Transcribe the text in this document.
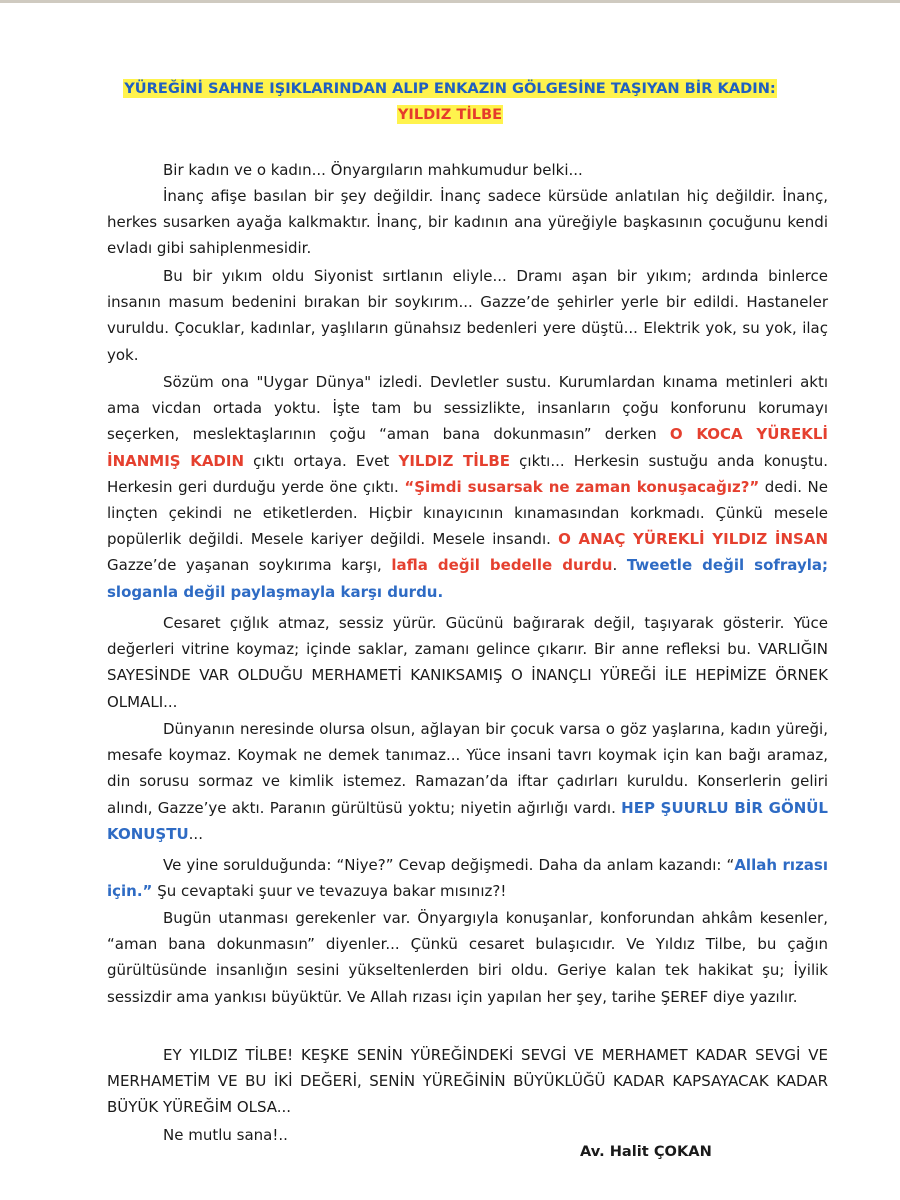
YÜREĞİNİ SAHNE IŞIKLARINDAN ALIP ENKAZIN GÖLGESİNE TAŞIYAN BİR KADIN:
YILDIZ TİLBE

Bir kadın ve o kadın... Önyargıların mahkumudur belki...

İnanç afişe basılan bir şey değildir. İnanç sadece kürsüde anlatılan hiç değildir. İnanç, herkes susarken ayağa kalkmaktır. İnanç, bir kadının ana yüreğiyle başkasının çocuğunu kendi evladı gibi sahiplenmesidir.

Bu bir yıkım oldu Siyonist sırtlanın eliyle... Dramı aşan bir yıkım; ardında binlerce insanın masum bedenini bırakan bir soykırım... Gazze’de şehirler yerle bir edildi. Hastaneler vuruldu. Çocuklar, kadınlar, yaşlıların günahsız bedenleri yere düştü... Elektrik yok, su yok, ilaç yok.

Sözüm ona "Uygar Dünya" izledi. Devletler sustu. Kurumlardan kınama metinleri aktı ama vicdan ortada yoktu. İşte tam bu sessizlikte, insanların çoğu konforunu korumayı seçerken, meslektaşlarının çoğu “aman bana dokunmasın” derken O KOCA YÜREKLİ İNANMIŞ KADIN çıktı ortaya. Evet YILDIZ TİLBE çıktı... Herkesin sustuğu anda konuştu. Herkesin geri durduğu yerde öne çıktı. “Şimdi susarsak ne zaman konuşacağız?” dedi. Ne linçten çekindi ne etiketlerden. Hiçbir kınayıcının kınamasından korkmadı. Çünkü mesele popülerlik değildi. Mesele kariyer değildi. Mesele insandı. O ANAÇ YÜREKLİ YILDIZ İNSAN Gazze’de yaşanan soykırıma karşı, lafla değil bedelle durdu. Tweetle değil sofrayla; sloganla değil paylaşmayla karşı durdu.

Cesaret çığlık atmaz, sessiz yürür. Gücünü bağırarak değil, taşıyarak gösterir. Yüce değerleri vitrine koymaz; içinde saklar, zamanı gelince çıkarır. Bir anne refleksi bu. VARLIĞIN SAYESİNDE VAR OLDUĞU MERHAMETİ KANIKSAMIŞ O İNANÇLI YÜREĞİ İLE HEPİMİZE ÖRNEK OLMALI...

Dünyanın neresinde olursa olsun, ağlayan bir çocuk varsa o göz yaşlarına, kadın yüreği, mesafe koymaz. Koymak ne demek tanımaz... Yüce insani tavrı koymak için kan bağı aramaz, din sorusu sormaz ve kimlik istemez. Ramazan’da iftar çadırları kuruldu. Konserlerin geliri alındı, Gazze’ye aktı. Paranın gürültüsü yoktu; niyetin ağırlığı vardı. HEP ŞUURLU BİR GÖNÜL KONUŞTU...

Ve yine sorulduğunda: “Niye?” Cevap değişmedi. Daha da anlam kazandı: “Allah rızası için.” Şu cevaptaki şuur ve tevazuya bakar mısınız?!

Bugün utanması gerekenler var. Önyargıyla konuşanlar, konforundan ahkâm kesenler, “aman bana dokunmasın” diyenler... Çünkü cesaret bulaşıcıdır. Ve Yıldız Tilbe, bu çağın gürültüsünde insanlığın sesini yükseltenlerden biri oldu. Geriye kalan tek hakikat şu; İyilik sessizdir ama yankısı büyüktür. Ve Allah rızası için yapılan her şey, tarihe ŞEREF diye yazılır.

EY YILDIZ TİLBE! KEŞKE SENİN YÜREĞİNDEKİ SEVGİ VE MERHAMET KADAR SEVGİ VE MERHAMETİM VE BU İKİ DEĞERİ, SENİN YÜREĞİNİN BÜYÜKLÜĞÜ KADAR KAPSAYACAK KADAR BÜYÜK YÜREĞİM OLSA...

Ne mutlu sana!..

Av. Halit ÇOKAN
